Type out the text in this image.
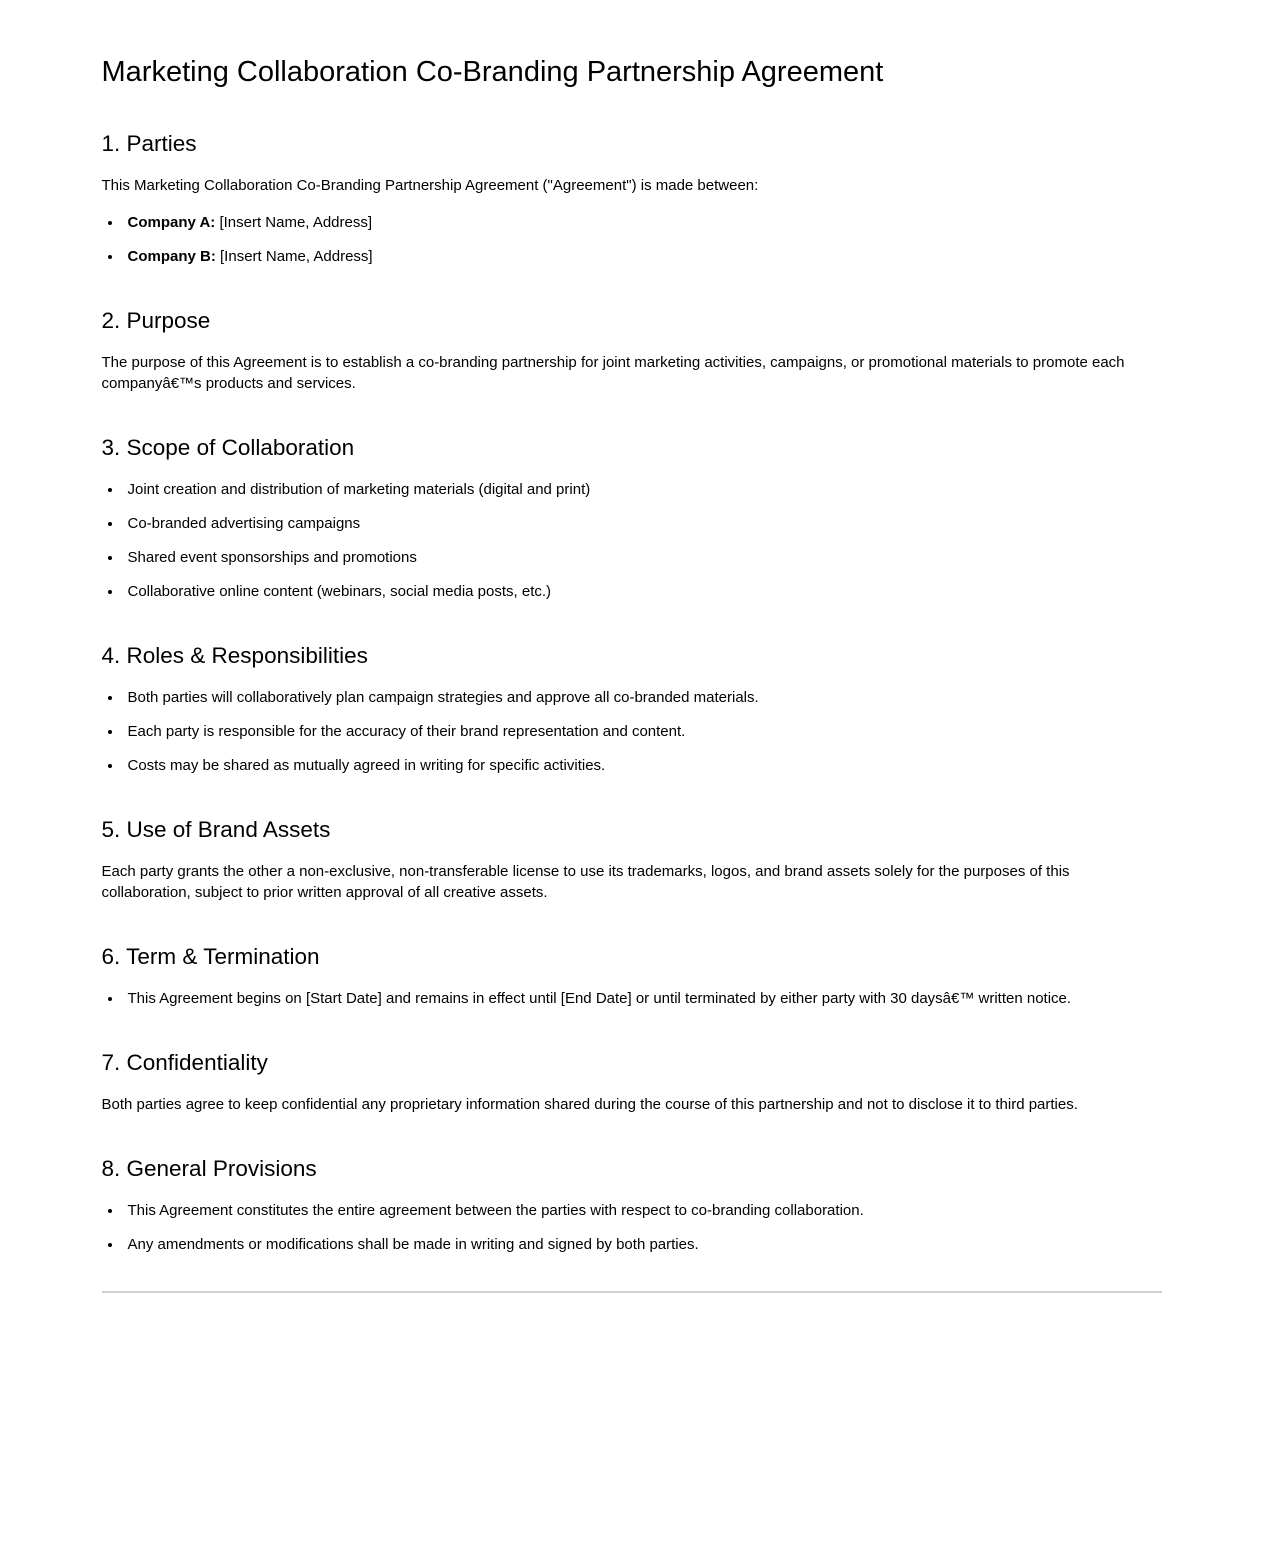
Marketing Collaboration Co-Branding Partnership Agreement
1. Parties

This Marketing Collaboration Co-Branding Partnership Agreement ("Agreement") is made between:

• Company A: [Insert Name, Address]
• Company B: [Insert Name, Address]
2. Purpose

The purpose of this Agreement is to establish a co-branding partnership for joint marketing activities, campaigns, or promotional materials to promote each companyâ€™s products and services.

3. Scope of Collaboration
• Joint creation and distribution of marketing materials (digital and print)
• Co-branded advertising campaigns
• Shared event sponsorships and promotions
• Collaborative online content (webinars, social media posts, etc.)
4. Roles & Responsibilities
• Both parties will collaboratively plan campaign strategies and approve all co-branded materials.
• Each party is responsible for the accuracy of their brand representation and content.
• Costs may be shared as mutually agreed in writing for specific activities.
5. Use of Brand Assets

Each party grants the other a non-exclusive, non-transferable license to use its trademarks, logos, and brand assets solely for the purposes of this collaboration, subject to prior written approval of all creative assets.

6. Term & Termination
• This Agreement begins on [Start Date] and remains in effect until [End Date] or until terminated by either party with 30 daysâ€™ written notice.
7. Confidentiality

Both parties agree to keep confidential any proprietary information shared during the course of this partnership and not to disclose it to third parties.

8. General Provisions
• This Agreement constitutes the entire agreement between the parties with respect to co-branding collaboration.
• Any amendments or modifications shall be made in writing and signed by both parties.
